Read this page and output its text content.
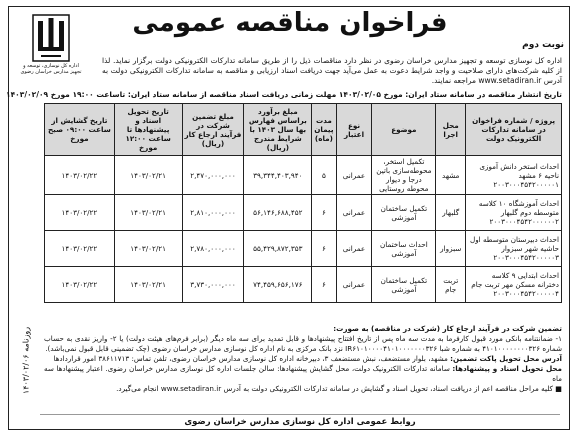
اداره کل نوسازی، توسعه و تجهیز مدارس خراسان رضوی
فراخوان مناقصه عمومی
نوبت دوم
اداره کل نوسازی توسعه و تجهیز مدارس خراسان رضوی در نظر دارد مناقصات ذیل را از طریق سامانه تدارکات الکترونیکی دولت برگزار نماید. لذا از کلیه شرکت‌های دارای صلاحیت و واجد شرایط دعوت به عمل می‌آید جهت دریافت اسناد ارزیابی و مناقصه به سامانه تدارکات الکترونیکی دولت به آدرس www.setadiran.ir مراجعه نمایند.
تاریخ انتشار مناقصه در سامانه ستاد ایران: مورخ ۱۴۰۳/۰۲/۰۵ مهلت زمانی دریافت اسناد مناقصه از سامانه ستاد ایران: تاساعت ۱۹:۰۰ مورخ ۱۴۰۳/۰۲/۰۹
پروژه / شماره فراخوان در سامانه تدارکات الکترونیک دولت	محل اجرا	موضوع	نوع اعتبار	مدت پیمان (ماه)	مبلغ برآورد براساس فهارس بها سال ۱۴۰۳ با شرایط مندرج (ریال)	مبلغ تضمین شرکت در فرآیند ارجاع کار (ریال)	تاریخ تحویل اسناد و پیشنهادها تا ساعت ۱۲:۰۰ مورخ	تاریخ گشایش از ساعت ۰۹:۰۰ صبح مورخ
احداث استخر دانش آموزی ناحیه ۶ مشهد ۲۰۰۳۰۰۰۴۵۴۲۰۰۰۰۰۱	مشهد	تکمیل استخر، محوطه‌سازی باتین درجا و دیوار محوطه روستایی	عمرانی	۵	۳۹,۳۴۴,۴۰۳,۹۴۰	۲,۴۷۰,۰۰۰,۰۰۰	۱۴۰۳/۰۲/۲۱	۱۴۰۳/۰۲/۲۲
احداث آموزشگاه ۱۰ کلاسه متوسطه دوم گلبهار ۲۰۰۳۰۰۰۴۵۴۲۰۰۰۰۰۰۲	گلبهار	تکمیل ساختمان آموزشی	عمرانی	۶	۵۶,۱۴۶,۶۸۸,۴۵۲	۲,۸۱۰,۰۰۰,۰۰۰	۱۴۰۳/۰۲/۲۱	۱۴۰۳/۰۲/۲۲
احداث دبیرستان متوسطه اول حاشیه شهر سبزوار ۲۰۰۳۰۰۰۴۵۴۲۰۰۰۰۰۳	سبزوار	احداث ساختمان آموزشی	عمرانی	۶	۵۵,۴۲۹,۸۷۲,۳۵۳	۲,۷۸۰,۰۰۰,۰۰۰	۱۴۰۳/۰۲/۲۱	۱۴۰۳/۰۲/۲۲
احداث ابتدایی ۹ کلاسه دخترانه مسکن مهر تربت جام ۲۰۰۳۰۰۰۴۵۴۲۰۰۰۰۰۴	تربت جام	تکمیل ساختمان آموزشی	عمرانی	۶	۷۴,۴۵۹,۶۵۶,۱۷۶	۳,۷۳۰,۰۰۰,۰۰۰	۱۴۰۳/۰۲/۲۱	۱۴۰۳/۰۲/۲۲
روزنامه ۱۴۰۳/۰۲/۰۶	تضمین شرکت در فرآیند ارجاع کار (شرکت در مناقصه) به صورت:
۱- ضمانتنامه بانکی مورد قبول کارفرما به مدت سه ماه پس از تاریخ افتتاح پیشنهادها و قابل تمدید برای سه ماه دیگر (برابر فرم‌های هیئت دولت) یا ۲- واریز نقدی به حساب شماره ۴۱۰۱۰۰۰۰۰۰۰۰۳۲۶ به شماره شبا IR۶۱۰۱۰۰۰۰۴۱۰۱۰۰۰۰۰۰۰۳۲۶ نزد بانک مرکزی به نام اداره کل نوسازی مدارس خراسان رضوی (چک تضمینی قابل قبول نمی‌باشد).
آدرس محل تحویل پاکت تضمین: مشهد، بلوار مستضعف، نبش مستضعف ۳، دبیرخانه اداره کل نوسازی مدارس خراسان رضوی، تلفن تماس: ۳۸۶۱۱۷۱۳ امور قراردادها
محل تحویل اسناد و پیشنهادها: سامانه تدارکات الکترونیک دولت، محل گشایش پیشنهادها: سالن جلسات اداره کل نوسازی مدارس خراسان رضوی. اعتبار پیشنهادها سه ماه
■ کلیه مراحل مناقصه اعم از دریافت اسناد، تحویل اسناد و گشایش در سامانه تدارکات الکترونیکی دولت به آدرس www.setadiran.ir انجام می‌گیرد.
روابط عمومی اداره کل نوسازی مدارس خراسان رضوی
